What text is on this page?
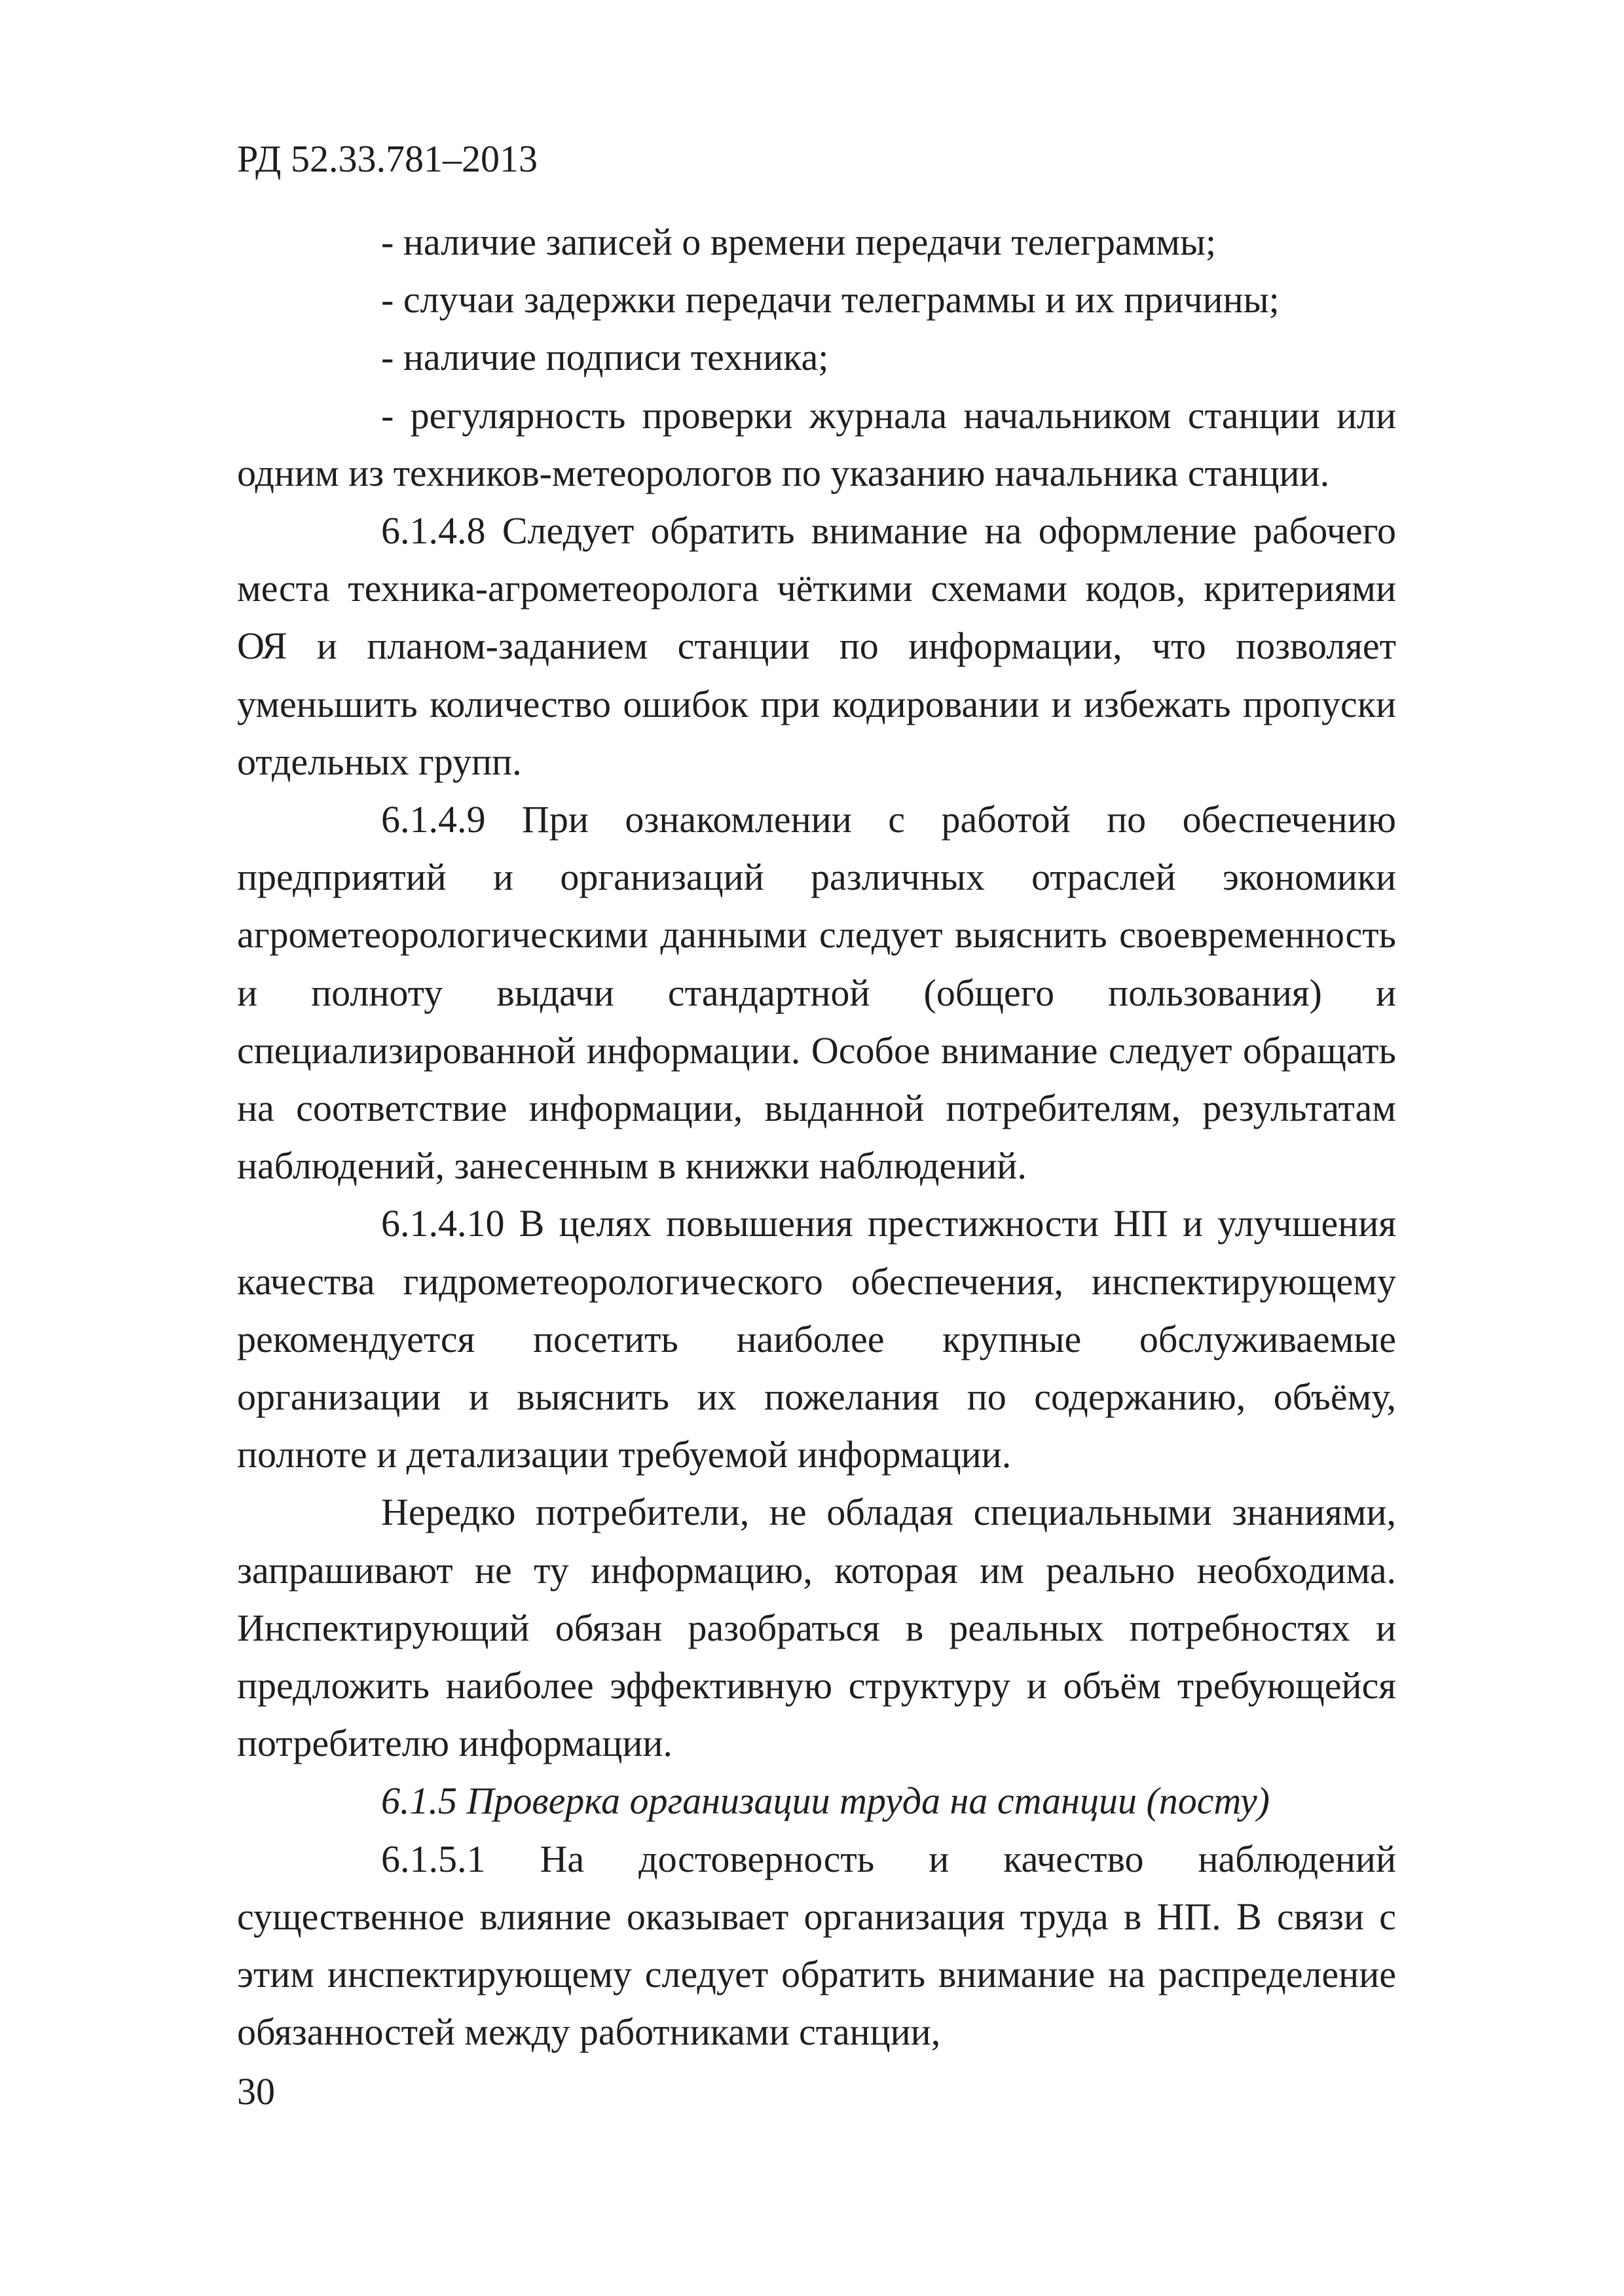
РД 52.33.781–2013

- наличие записей о времени передачи телеграммы;

- случаи задержки передачи телеграммы и их причины;

- наличие подписи техника;

- регулярность проверки журнала начальником станции или одним из техников-метеорологов по указанию начальника станции.

6.1.4.8 Следует обратить внимание на оформление рабочего места техника-агрометеоролога чёткими схемами кодов, критериями ОЯ и планом-заданием станции по информации, что позволяет уменьшить количество ошибок при кодировании и избежать пропуски отдельных групп.

6.1.4.9 При ознакомлении с работой по обеспечению предприятий и организаций различных отраслей экономики агрометеорологическими данными следует выяснить своевременность и полноту выдачи стандартной (общего пользования) и специализированной информации. Особое внимание следует обращать на соответствие информации, выданной потребителям, результатам наблюдений, занесенным в книжки наблюдений.

6.1.4.10 В целях повышения престижности НП и улучшения качества гидрометеорологического обеспечения, инспектирующему рекомендуется посетить наиболее крупные обслуживаемые организации и выяснить их пожелания по содержанию, объёму, полноте и детализации требуемой информации.

Нередко потребители, не обладая специальными знаниями, запрашивают не ту информацию, которая им реально необходима. Инспектирующий обязан разобраться в реальных потребностях и предложить наиболее эффективную структуру и объём требующейся потребителю информации.

6.1.5 Проверка организации труда на станции (посту)

6.1.5.1 На достоверность и качество наблюдений существенное влияние оказывает организация труда в НП. В связи с этим инспектирующему следует обратить внимание на распределение обязанностей между работниками станции,

30
